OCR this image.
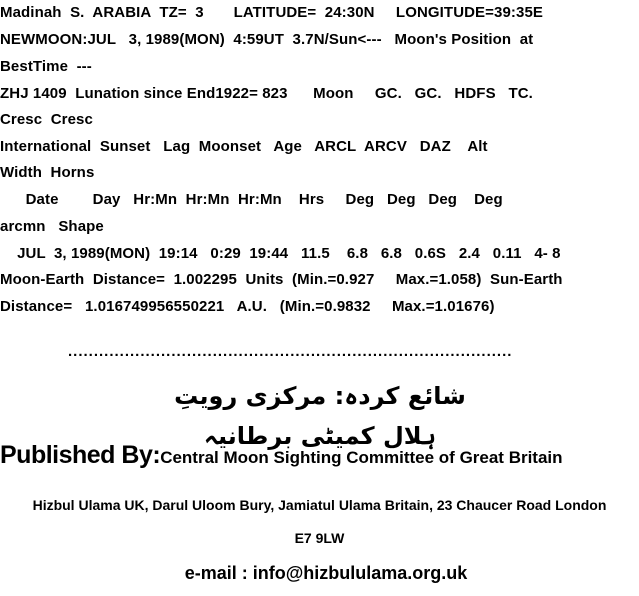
Madinah  S.  ARABIA  TZ=  3       LATITUDE=  24:30N     LONGITUDE=39:35E
NEWMOON:JUL   3, 1989(MON)  4:59UT  3.7N/Sun<---   Moon's Position  at
BestTime  ---
ZHJ 1409  Lunation since End1922= 823      Moon     GC.   GC.   HDFS   TC.
Cresc  Cresc
International  Sunset   Lag  Moonset   Age   ARCL  ARCV   DAZ    Alt
Width  Horns
Date        Day   Hr:Mn  Hr:Mn  Hr:Mn    Hrs     Deg   Deg   Deg    Deg
arcmn   Shape
JUL  3, 1989(MON)  19:14   0:29  19:44   11.5    6.8   6.8   0.6S   2.4   0.11   4- 8
Moon-Earth  Distance=  1.002295  Units  (Min.=0.927     Max.=1.058)  Sun-Earth
Distance=   1.016749956550221   A.U.   (Min.=0.9832     Max.=1.01676)
......................................................................................
شائع کردہ: مرکزی رویتِ ہلال کمیٹی برطانیہ
Published By:Central Moon Sighting Committee of Great Britain
Hizbul Ulama UK, Darul Uloom Bury, Jamiatul Ulama Britain, 23 Chaucer Road London
E7 9LW
e-mail : info@hizbululama.org.uk
